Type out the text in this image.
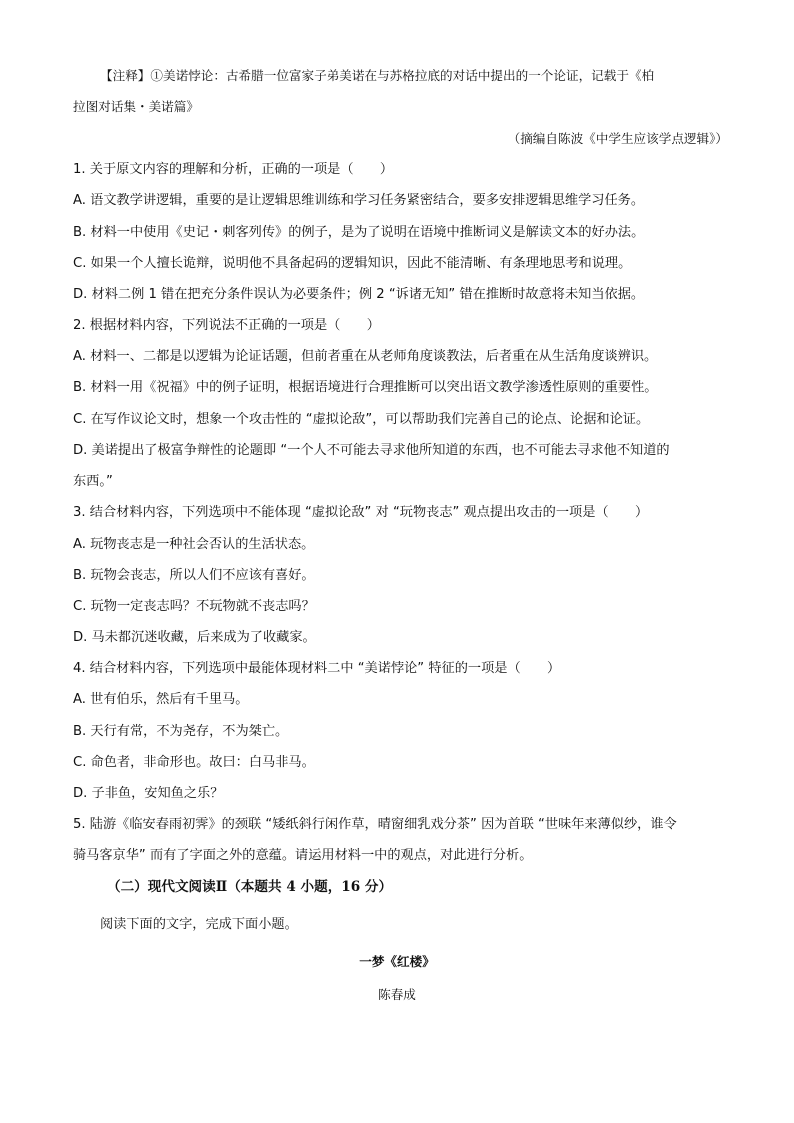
【注释】①美诺悖论：古希腊一位富家子弟美诺在与苏格拉底的对话中提出的一个论证，记载于《柏
拉图对话集・美诺篇》
（摘编自陈波《中学生应该学点逻辑》）
1. 关于原文内容的理解和分析，正确的一项是（　　）
A. 语文教学讲逻辑，重要的是让逻辑思维训练和学习任务紧密结合，要多安排逻辑思维学习任务。
B. 材料一中使用《史记・刺客列传》的例子，是为了说明在语境中推断词义是解读文本的好办法。
C. 如果一个人擅长诡辩，说明他不具备起码的逻辑知识，因此不能清晰、有条理地思考和说理。
D. 材料二例 1 错在把充分条件误认为必要条件；例 2 “诉诸无知” 错在推断时故意将未知当依据。
2. 根据材料内容，下列说法不正确的一项是（　　）
A. 材料一、二都是以逻辑为论证话题，但前者重在从老师角度谈教法，后者重在从生活角度谈辨识。
B. 材料一用《祝福》中的例子证明，根据语境进行合理推断可以突出语文教学渗透性原则的重要性。
C. 在写作议论文时，想象一个攻击性的 “虚拟论敌”，可以帮助我们完善自己的论点、论据和论证。
D. 美诺提出了极富争辩性的论题即 “一个人不可能去寻求他所知道的东西，也不可能去寻求他不知道的
东西。”
3. 结合材料内容，下列选项中不能体现 “虚拟论敌” 对 “玩物丧志” 观点提出攻击的一项是（　　）
A. 玩物丧志是一种社会否认的生活状态。
B. 玩物会丧志，所以人们不应该有喜好。
C. 玩物一定丧志吗？不玩物就不丧志吗？
D. 马未都沉迷收藏，后来成为了收藏家。
4. 结合材料内容，下列选项中最能体现材料二中 “美诺悖论” 特征的一项是（　　）
A. 世有伯乐，然后有千里马。
B. 天行有常，不为尧存，不为桀亡。
C. 命色者，非命形也。故曰：白马非马。
D. 子非鱼，安知鱼之乐？
5. 陆游《临安春雨初霁》的颈联 “矮纸斜行闲作草，晴窗细乳戏分茶” 因为首联 “世味年来薄似纱，谁令
骑马客京华” 而有了字面之外的意蕴。请运用材料一中的观点，对此进行分析。
（二）现代文阅读Ⅱ（本题共 4 小题，16 分）
阅读下面的文字，完成下面小题。
一梦《红楼》
陈春成
